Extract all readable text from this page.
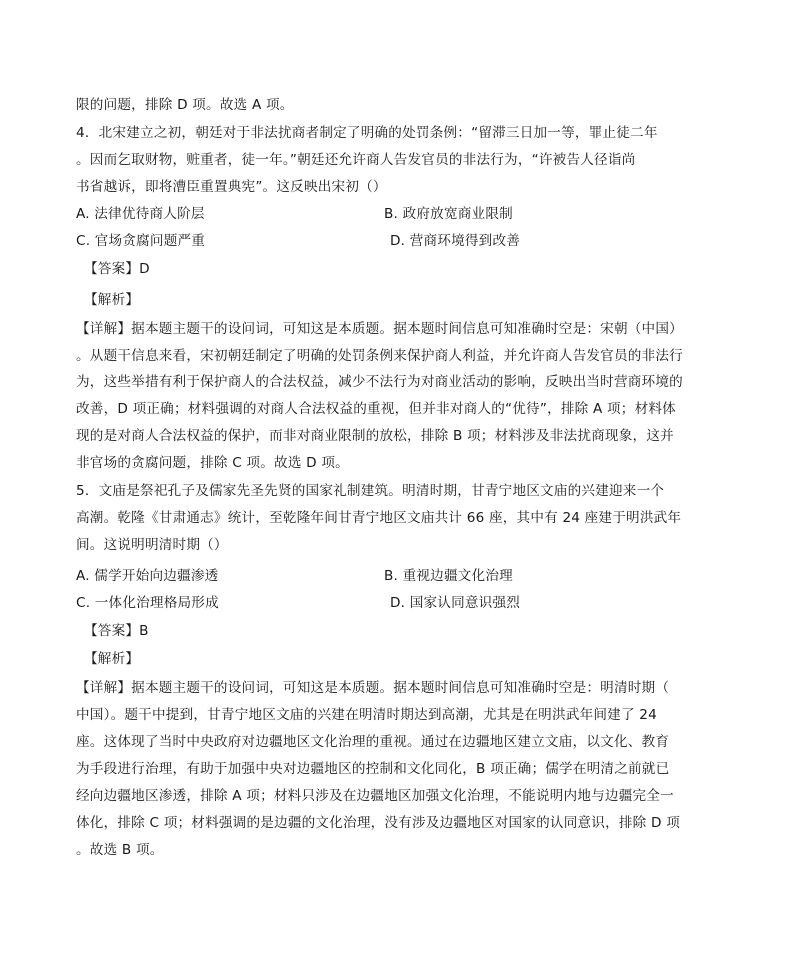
限的问题，排除 D 项。故选 A 项。
4．北宋建立之初，朝廷对于非法扰商者制定了明确的处罚条例：“留滞三日加一等，罪止徒二年
。因而乞取财物，赃重者，徒一年。”朝廷还允许商人告发官员的非法行为，“许被告人径诣尚
书省越诉，即将漕臣重置典宪”。这反映出宋初（）
A. 法律优待商人阶层	B. 政府放宽商业限制
C. 官场贪腐问题严重	D. 营商环境得到改善
【答案】D
【解析】
【详解】据本题主题干的设问词，可知这是本质题。据本题时间信息可知准确时空是：宋朝（中国）
。从题干信息来看，宋初朝廷制定了明确的处罚条例来保护商人利益，并允许商人告发官员的非法行
为，这些举措有利于保护商人的合法权益，减少不法行为对商业活动的影响，反映出当时营商环境的
改善，D 项正确；材料强调的对商人合法权益的重视，但并非对商人的“优待”，排除 A 项；材料体
现的是对商人合法权益的保护，而非对商业限制的放松，排除 B 项；材料涉及非法扰商现象，这并
非官场的贪腐问题，排除 C 项。故选 D 项。
5．文庙是祭祀孔子及儒家先圣先贤的国家礼制建筑。明清时期，甘青宁地区文庙的兴建迎来一个
高潮。乾隆《甘肃通志》统计，至乾隆年间甘青宁地区文庙共计 66 座，其中有 24 座建于明洪武年
间。这说明明清时期（）
A. 儒学开始向边疆渗透	B. 重视边疆文化治理
C. 一体化治理格局形成	D. 国家认同意识强烈
【答案】B
【解析】
【详解】据本题主题干的设问词，可知这是本质题。据本题时间信息可知准确时空是：明清时期（
中国）。题干中提到，甘青宁地区文庙的兴建在明清时期达到高潮，尤其是在明洪武年间建了 24
座。这体现了当时中央政府对边疆地区文化治理的重视。通过在边疆地区建立文庙，以文化、教育
为手段进行治理，有助于加强中央对边疆地区的控制和文化同化，B 项正确；儒学在明清之前就已
经向边疆地区渗透，排除 A 项；材料只涉及在边疆地区加强文化治理，不能说明内地与边疆完全一
体化，排除 C 项；材料强调的是边疆的文化治理，没有涉及边疆地区对国家的认同意识，排除 D 项
。故选 B 项。
